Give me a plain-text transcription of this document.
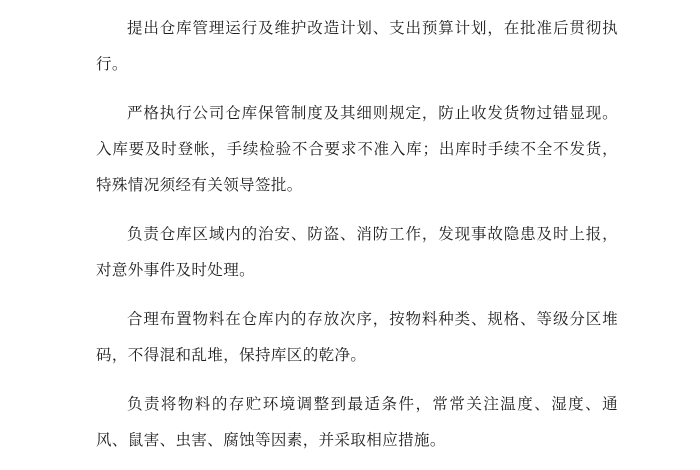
提出仓库管理运行及维护改造计划、支出预算计划，在批准后贯彻执行。

严格执行公司仓库保管制度及其细则规定，防止收发货物过错显现。入库要及时登帐，手续检验不合要求不准入库；出库时手续不全不发货，特殊情况须经有关领导签批。

负责仓库区域内的治安、防盗、消防工作，发现事故隐患及时上报，对意外事件及时处理。

合理布置物料在仓库内的存放次序，按物料种类、规格、等级分区堆码，不得混和乱堆，保持库区的乾净。

负责将物料的存贮环境调整到最适条件，常常关注温度、湿度、通风、鼠害、虫害、腐蚀等因素，并采取相应措施。
